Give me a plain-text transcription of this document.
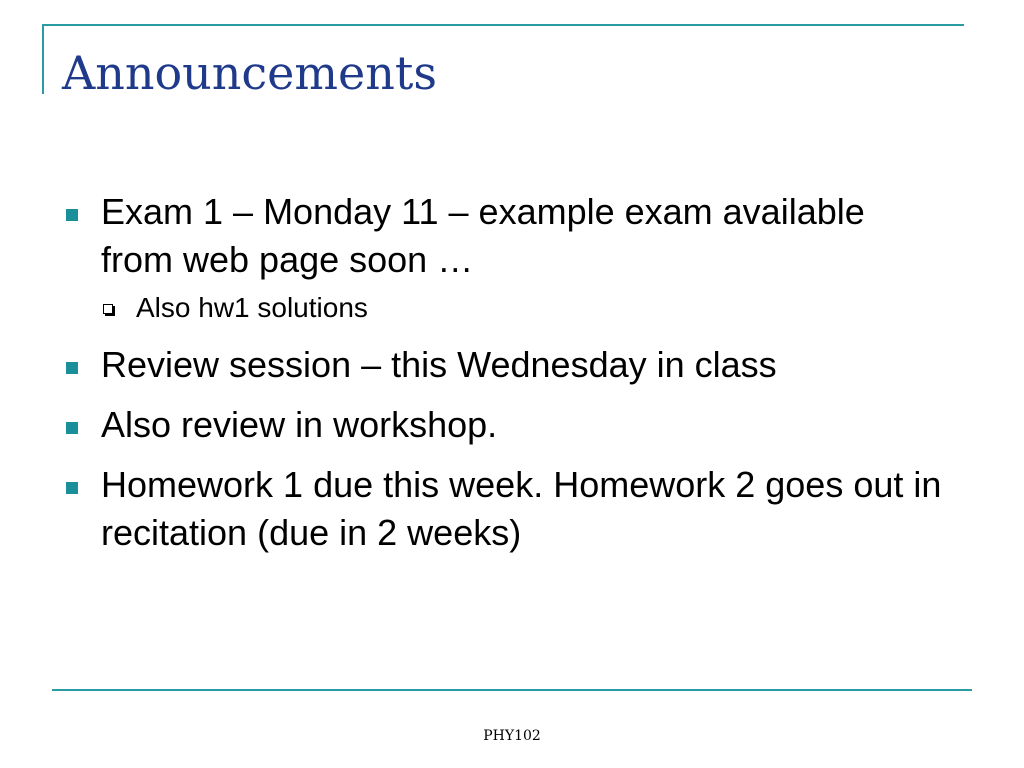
Announcements
Exam 1 – Monday 11 – example exam available from web page soon …
Also hw1 solutions
Review session – this Wednesday in class
Also review in workshop.
Homework 1 due this week. Homework 2 goes out in recitation (due in 2 weeks)
PHY102
